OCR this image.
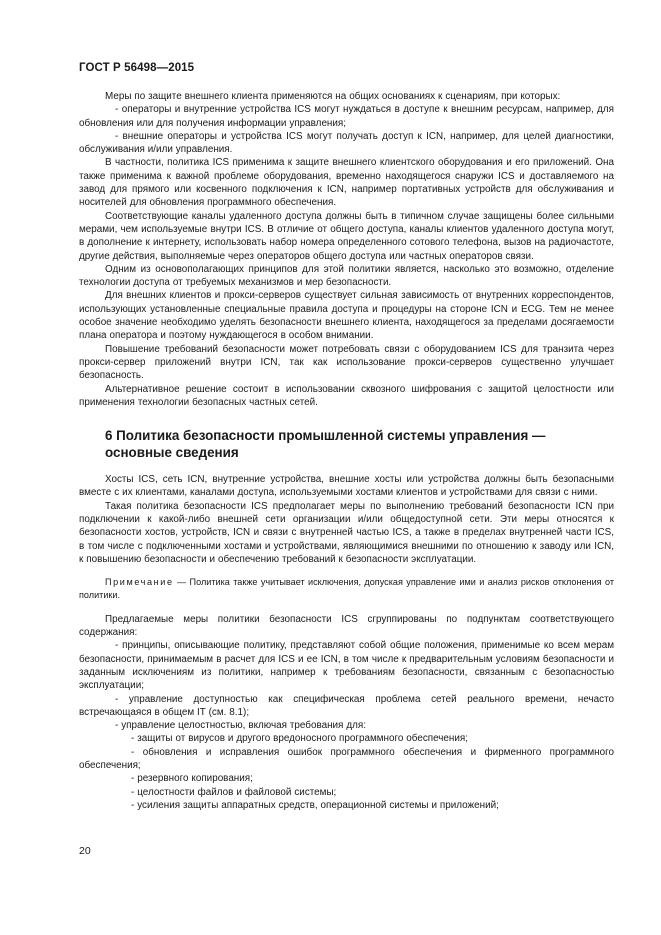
ГОСТ Р 56498—2015

Меры по защите внешнего клиента применяются на общих основаниях к сценариям, при которых:

- операторы и внутренние устройства ICS могут нуждаться в доступе к внешним ресурсам, например, для обновления или для получения информации управления;

- внешние операторы и устройства ICS могут получать доступ к ICN, например, для целей диагностики, обслуживания и/или управления.

В частности, политика ICS применима к защите внешнего клиентского оборудования и его приложений. Она также применима к важной проблеме оборудования, временно находящегося снаружи ICS и доставляемого на завод для прямого или косвенного подключения к ICN, например портативных устройств для обслуживания и носителей для обновления программного обеспечения.

Соответствующие каналы удаленного доступа должны быть в типичном случае защищены более сильными мерами, чем используемые внутри ICS. В отличие от общего доступа, каналы клиентов удаленного доступа могут, в дополнение к интернету, использовать набор номера определенного сотового телефона, вызов на радиочастоте, другие действия, выполняемые через операторов общего доступа или частных операторов связи.

Одним из основополагающих принципов для этой политики является, насколько это возможно, отделение технологии доступа от требуемых механизмов и мер безопасности.

Для внешних клиентов и прокси-серверов существует сильная зависимость от внутренних корреспондентов, использующих установленные специальные правила доступа и процедуры на стороне ICN и ECG. Тем не менее особое значение необходимо уделять безопасности внешнего клиента, находящегося за пределами досягаемости плана оператора и поэтому нуждающегося в особом внимании.

Повышение требований безопасности может потребовать связи с оборудованием ICS для транзита через прокси-сервер приложений внутри ICN, так как использование прокси-серверов существенно улучшает безопасность.

Альтернативное решение состоит в использовании сквозного шифрования с защитой целостности или применения технологии безопасных частных сетей.

6 Политика безопасности промышленной системы управления —
основные сведения

Хосты ICS, сеть ICN, внутренние устройства, внешние хосты или устройства должны быть безопасными вместе с их клиентами, каналами доступа, используемыми хостами клиентов и устройствами для связи с ними.

Такая политика безопасности ICS предполагает меры по выполнению требований безопасности ICN при подключении к какой-либо внешней сети организации и/или общедоступной сети. Эти меры относятся к безопасности хостов, устройств, ICN и связи с внутренней частью ICS, а также в пределах внутренней части ICS, в том числе с подключенными хостами и устройствами, являющимися внешними по отношению к заводу или ICN, к повышению безопасности и обеспечению требований к безопасности эксплуатации.

Примечание — Политика также учитывает исключения, допуская управление ими и анализ рисков отклонения от политики.

Предлагаемые меры политики безопасности ICS сгруппированы по подпунктам соответствующего содержания:

- принципы, описывающие политику, представляют собой общие положения, применимые ко всем мерам безопасности, принимаемым в расчет для ICS и ее ICN, в том числе к предварительным условиям безопасности и заданным исключениям из политики, например к требованиям безопасности, связанным с безопасностью эксплуатации;

- управление доступностью как специфическая проблема сетей реального времени, нечасто встречающаяся в общем IT (см. 8.1);

- управление целостностью, включая требования для:

- защиты от вирусов и другого вредоносного программного обеспечения;

- обновления и исправления ошибок программного обеспечения и фирменного программного обеспечения;

- резервного копирования;

- целостности файлов и файловой системы;

- усиления защиты аппаратных средств, операционной системы и приложений;

20
